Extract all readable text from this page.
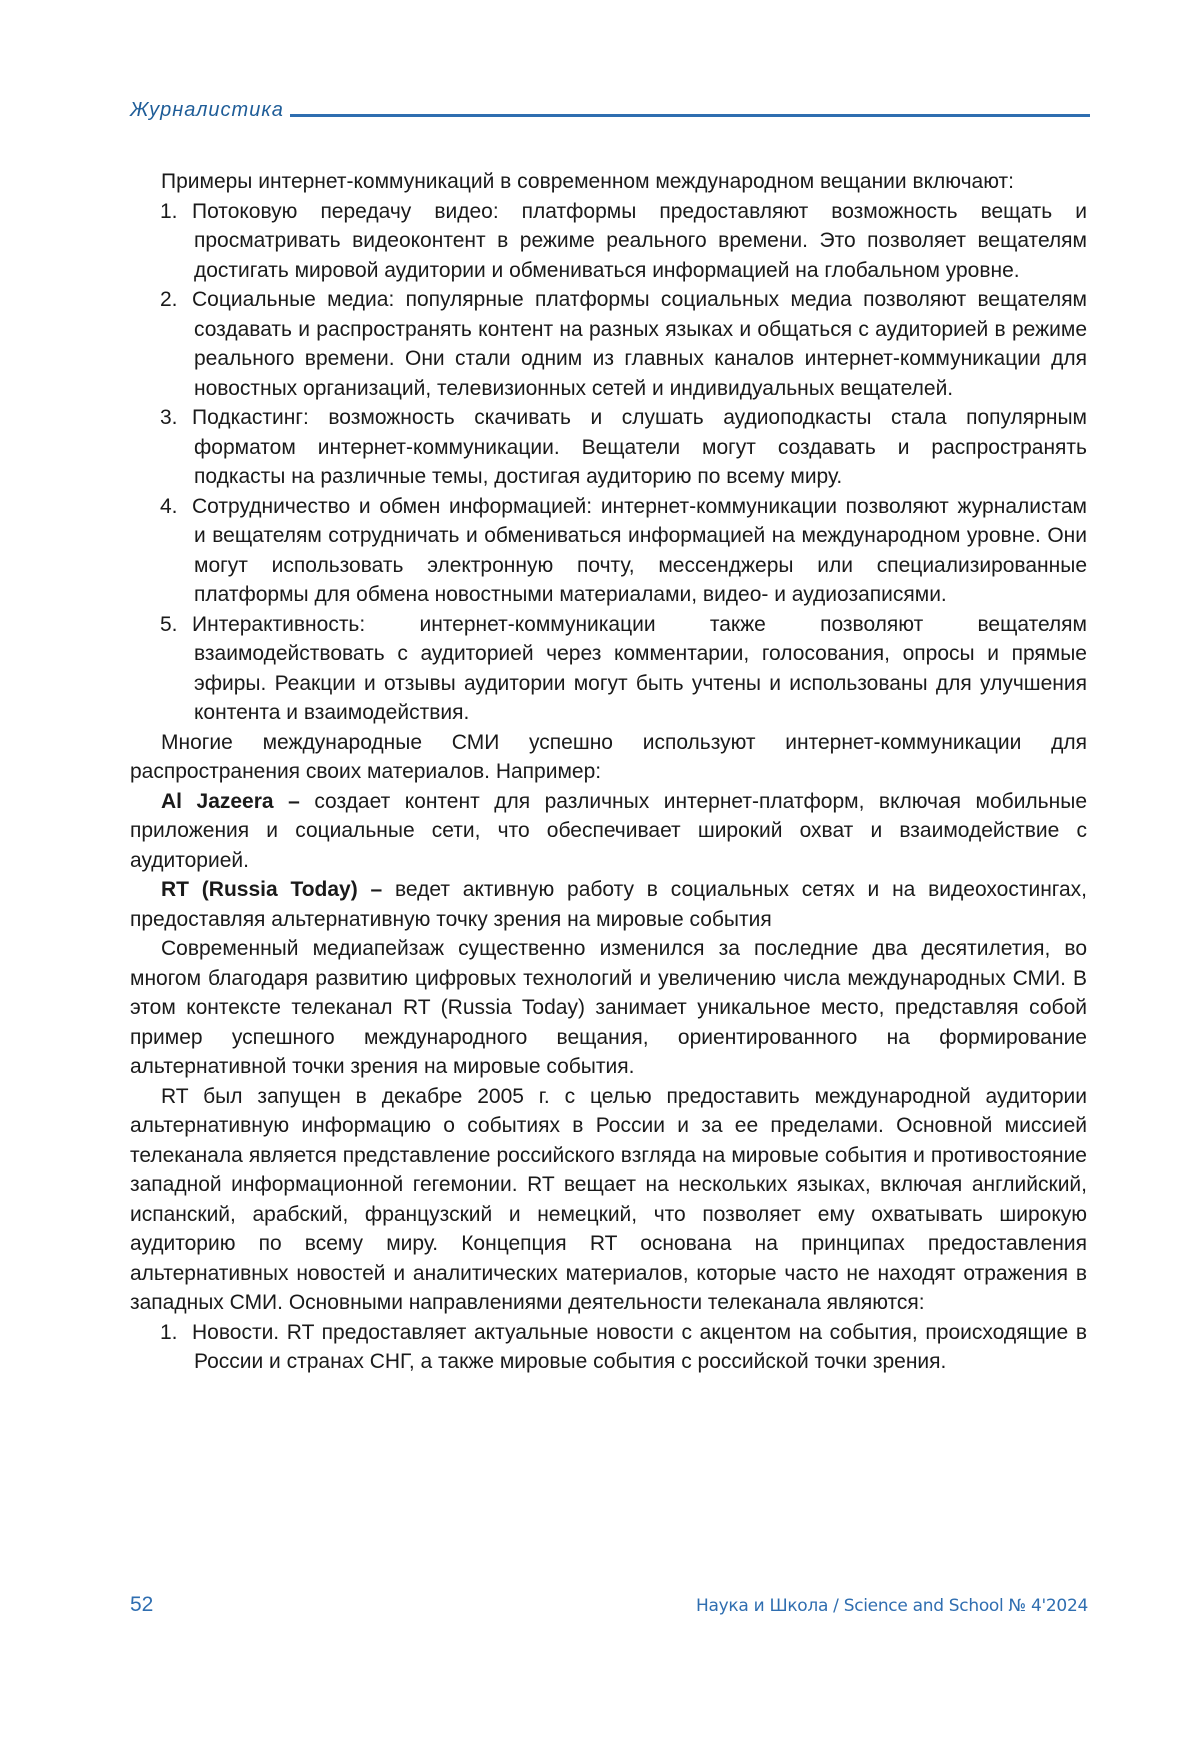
Журналистика

Примеры интернет-коммуникаций в современном международном вещании включают:

1. Потоковую передачу видео: платформы предоставляют возможность вещать и просматривать видеоконтент в режиме реального времени. Это позволяет вещателям достигать мировой аудитории и обмениваться информацией на глобальном уровне.
2. Социальные медиа: популярные платформы социальных медиа позволяют вещателям создавать и распространять контент на разных языках и общаться с аудиторией в режиме реального времени. Они стали одним из главных каналов интернет-коммуникации для новостных организаций, телевизионных сетей и индивидуальных вещателей.
3. Подкастинг: возможность скачивать и слушать аудиоподкасты стала популярным форматом интернет-коммуникации. Вещатели могут создавать и распространять подкасты на различные темы, достигая аудиторию по всему миру.
4. Сотрудничество и обмен информацией: интернет-коммуникации позволяют журналистам и вещателям сотрудничать и обмениваться информацией на международном уровне. Они могут использовать электронную почту, мессенджеры или специализированные платформы для обмена новостными материалами, видео- и аудиозаписями.
5. Интерактивность: интернет-коммуникации также позволяют вещателям взаимодействовать с аудиторией через комментарии, голосования, опросы и прямые эфиры. Реакции и отзывы аудитории могут быть учтены и использованы для улучшения контента и взаимодействия.

Многие международные СМИ успешно используют интернет-коммуникации для распространения своих материалов. Например:

Al Jazeera – создает контент для различных интернет-платформ, включая мобильные приложения и социальные сети, что обеспечивает широкий охват и взаимодействие с аудиторией.

RT (Russia Today) – ведет активную работу в социальных сетях и на видеохостингах, предоставляя альтернативную точку зрения на мировые события

Современный медиапейзаж существенно изменился за последние два десятилетия, во многом благодаря развитию цифровых технологий и увеличению числа международных СМИ. В этом контексте телеканал RT (Russia Today) занимает уникальное место, представляя собой пример успешного международного вещания, ориентированного на формирование альтернативной точки зрения на мировые события.

RT был запущен в декабре 2005 г. с целью предоставить международной аудитории альтернативную информацию о событиях в России и за ее пределами. Основной миссией телеканала является представление российского взгляда на мировые события и противостояние западной информационной гегемонии. RT вещает на нескольких языках, включая английский, испанский, арабский, французский и немецкий, что позволяет ему охватывать широкую аудиторию по всему миру. Концепция RT основана на принципах предоставления альтернативных новостей и аналитических материалов, которые часто не находят отражения в западных СМИ. Основными направлениями деятельности телеканала являются:

1. Новости. RT предоставляет актуальные новости с акцентом на события, происходящие в России и странах СНГ, а также мировые события с российской точки зрения.
52	Наука и Школа / Science and School № 4'2024
